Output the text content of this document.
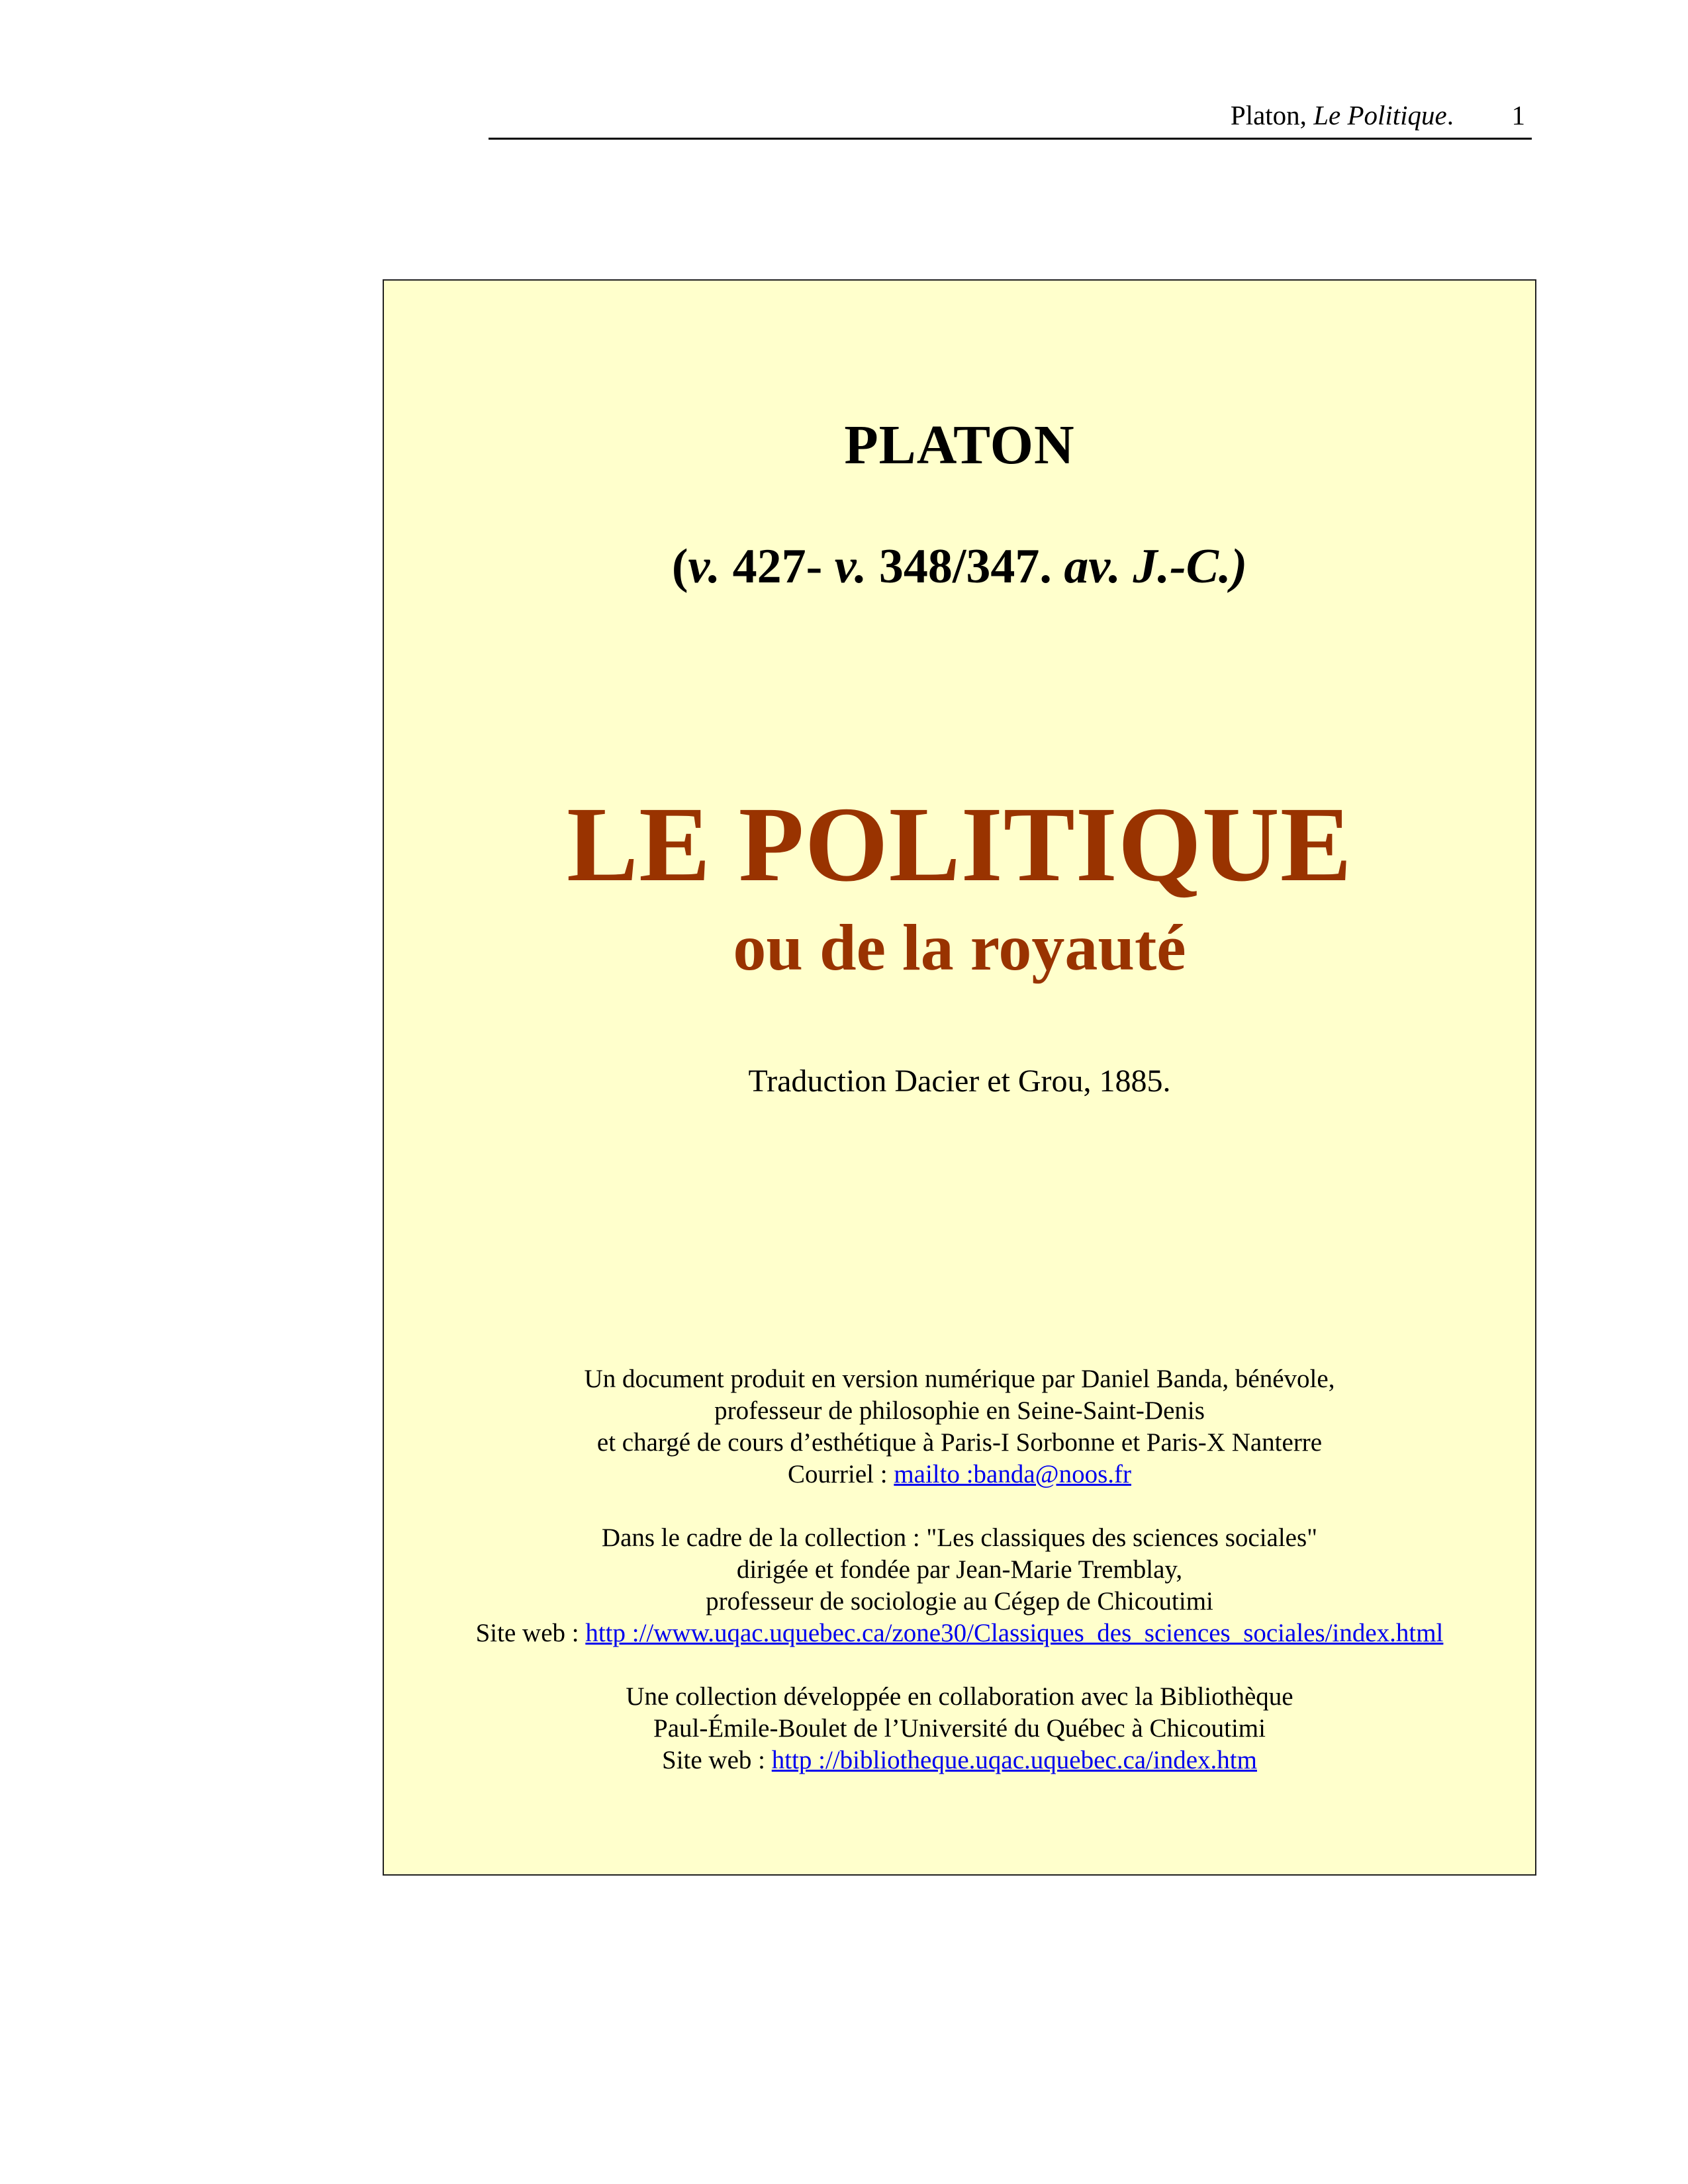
Platon, Le Politique. 1
PLATON
(v. 427- v. 348/347. av. J.-C.)
LE POLITIQUE
ou de la royauté
Traduction Dacier et Grou, 1885.
Un document produit en version numérique par Daniel Banda, bénévole,
professeur de philosophie en Seine-Saint-Denis
et chargé de cours d’esthétique à Paris-I Sorbonne et Paris-X Nanterre
Courriel : mailto :banda@noos.fr
Dans le cadre de la collection : "Les classiques des sciences sociales"
dirigée et fondée par Jean-Marie Tremblay,
professeur de sociologie au Cégep de Chicoutimi
Site web : http ://www.uqac.uquebec.ca/zone30/Classiques_des_sciences_sociales/index.html
Une collection développée en collaboration avec la Bibliothèque
Paul-Émile-Boulet de l’Université du Québec à Chicoutimi
Site web : http ://bibliotheque.uqac.uquebec.ca/index.htm
